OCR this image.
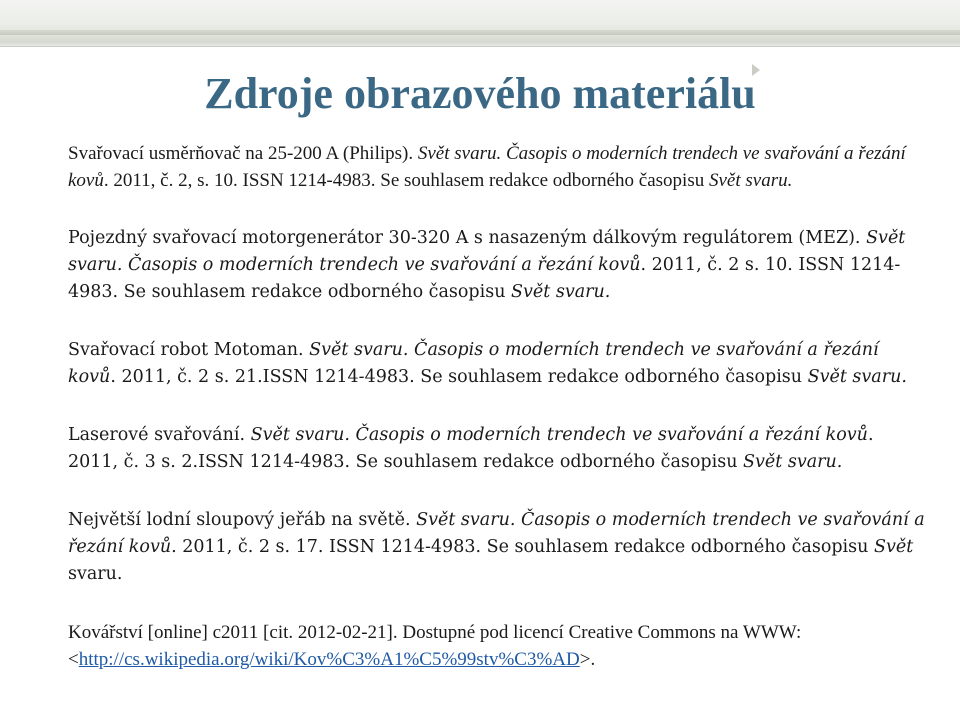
Zdroje obrazového materiálu

Svařovací usměrňovač na 25-200 A (Philips). Svět svaru. Časopis o moderních trendech ve svařování a řezání kovů. 2011, č. 2, s. 10. ISSN 1214-4983. Se souhlasem redakce odborného časopisu Svět svaru.

Pojezdný svařovací motorgenerátor 30-320 A s nasazeným dálkovým regulátorem (MEZ). Svět svaru. Časopis o moderních trendech ve svařování a řezání kovů. 2011, č. 2 s. 10. ISSN 1214-4983. Se souhlasem redakce odborného časopisu Svět svaru.

Svařovací robot Motoman. Svět svaru. Časopis o moderních trendech ve svařování a řezání kovů. 2011, č. 2 s. 21.ISSN 1214-4983. Se souhlasem redakce odborného časopisu Svět svaru.

Laserové svařování. Svět svaru. Časopis o moderních trendech ve svařování a řezání kovů. 2011, č. 3 s. 2.ISSN 1214-4983. Se souhlasem redakce odborného časopisu Svět svaru.

Největší lodní sloupový jeřáb na světě. Svět svaru. Časopis o moderních trendech ve svařování a řezání kovů. 2011, č. 2 s. 17. ISSN 1214-4983. Se souhlasem redakce odborného časopisu Svět svaru.

Kovářství [online] c2011 [cit. 2012-02-21]. Dostupné pod licencí Creative Commons na WWW: <http://cs.wikipedia.org/wiki/Kov%C3%A1%C5%99stv%C3%AD>.
